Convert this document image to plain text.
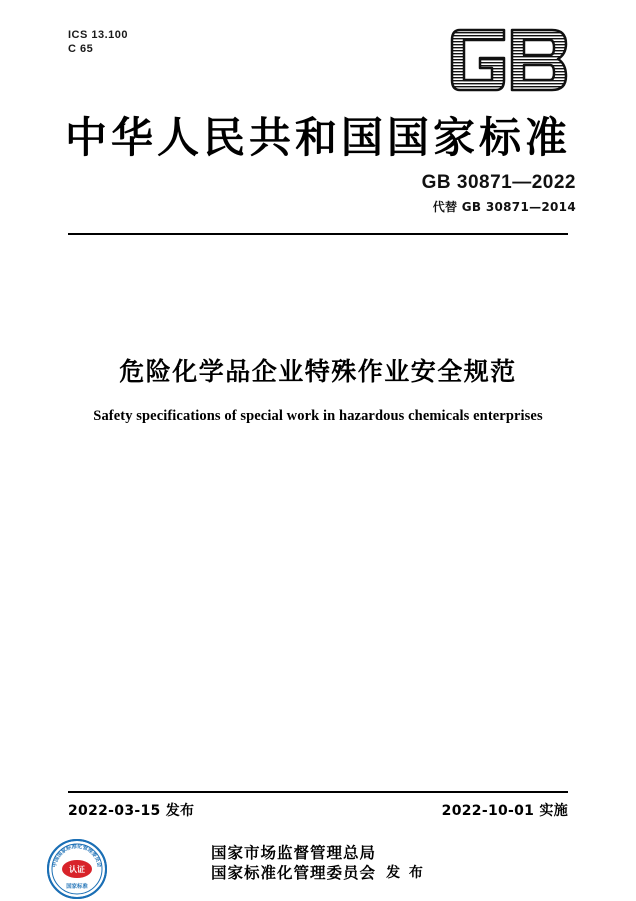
ICS 13.100
C 65
中华人民共和国国家标准
GB 30871—2022
代替 GB 30871—2014
危险化学品企业特殊作业安全规范
Safety specifications of special work in hazardous chemicals enterprises
2022-03-15 发布	2022-10-01 实施
国家市场监督管理总局
国家标准化管理委员会 发 布
中国国家标准化管理委员会
认证
国家标准
